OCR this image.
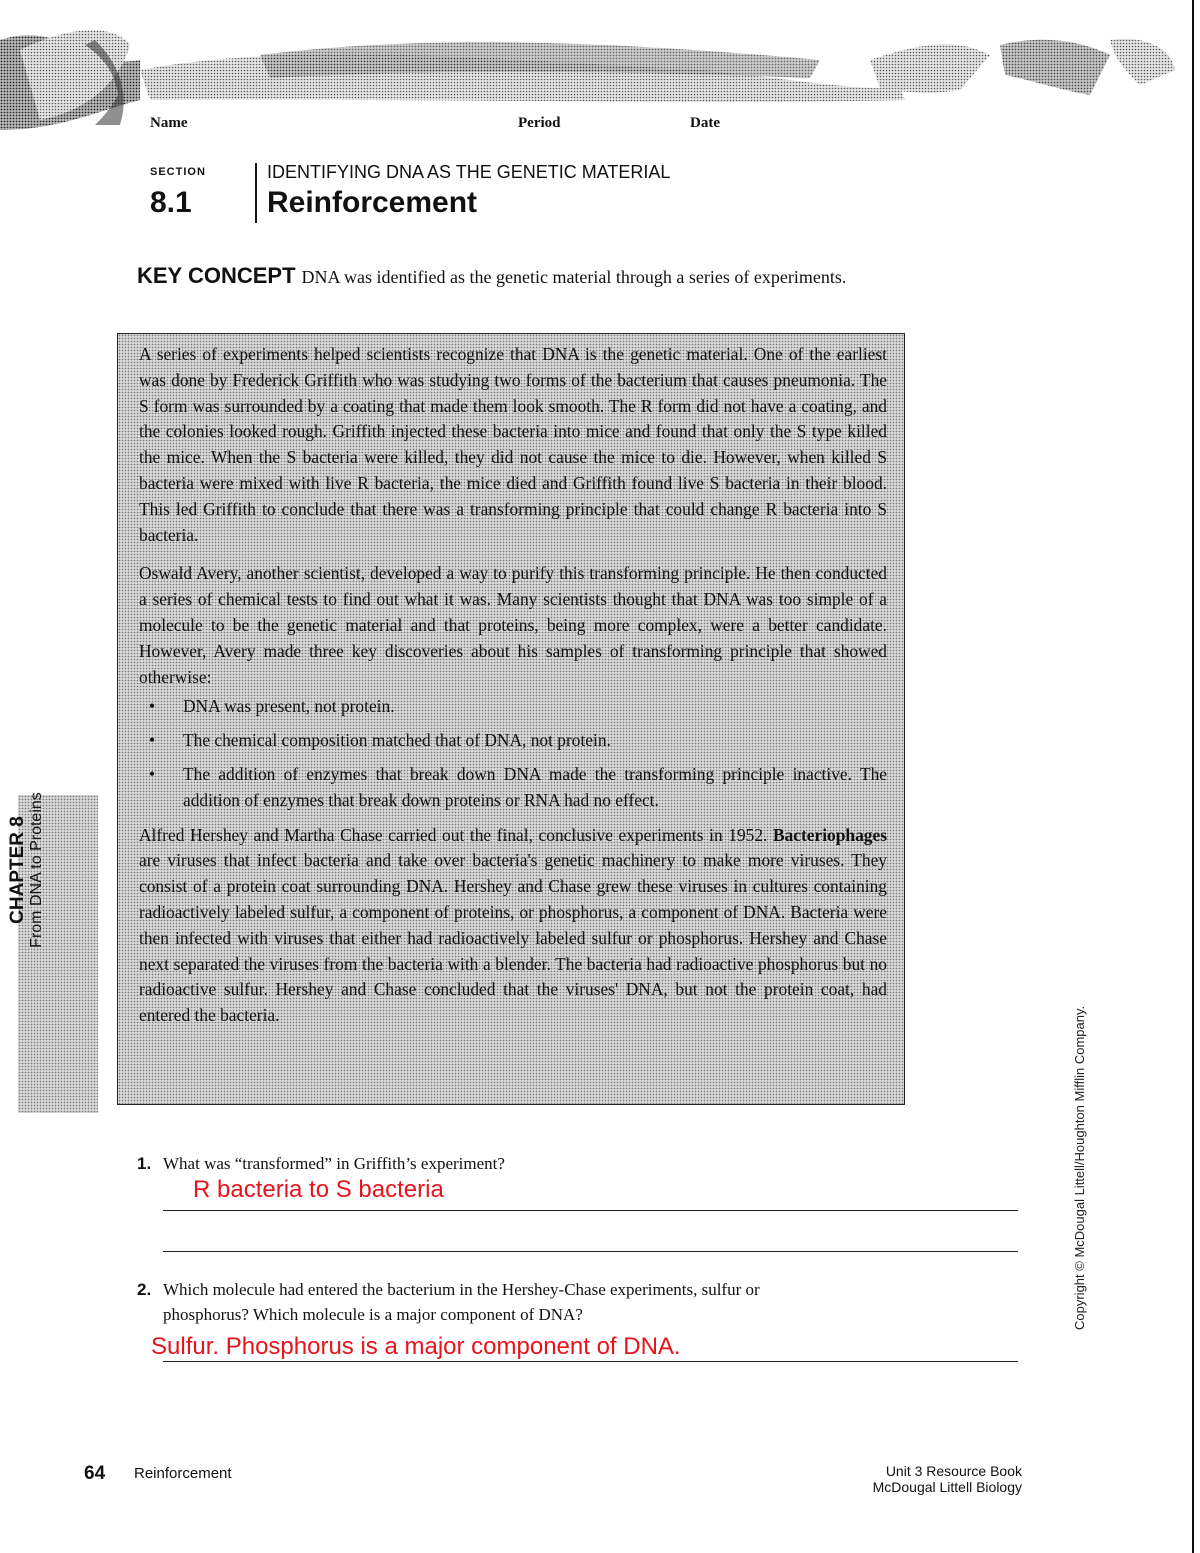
Name	Period	Date
SECTION
8.1
IDENTIFYING DNA AS THE GENETIC MATERIAL
Reinforcement
KEY CONCEPT DNA was identified as the genetic material through a series of experiments.

A series of experiments helped scientists recognize that DNA is the genetic material. One of the earliest was done by Frederick Griffith who was studying two forms of the bacterium that causes pneumonia. The S form was surrounded by a coating that made them look smooth. The R form did not have a coating, and the colonies looked rough. Griffith injected these bacteria into mice and found that only the S type killed the mice. When the S bacteria were killed, they did not cause the mice to die. However, when killed S bacteria were mixed with live R bacteria, the mice died and Griffith found live S bacteria in their blood. This led Griffith to conclude that there was a transforming principle that could change R bacteria into S bacteria.

Oswald Avery, another scientist, developed a way to purify this transforming principle. He then conducted a series of chemical tests to find out what it was. Many scientists thought that DNA was too simple of a molecule to be the genetic material and that proteins, being more complex, were a better candidate. However, Avery made three key discoveries about his samples of transforming principle that showed otherwise:

• DNA was present, not protein.
• The chemical composition matched that of DNA, not protein.
• The addition of enzymes that break down DNA made the transforming principle inactive. The addition of enzymes that break down proteins or RNA had no effect.

Alfred Hershey and Martha Chase carried out the final, conclusive experiments in 1952. Bacteriophages are viruses that infect bacteria and take over bacteria's genetic machinery to make more viruses. They consist of a protein coat surrounding DNA. Hershey and Chase grew these viruses in cultures containing radioactively labeled sulfur, a component of proteins, or phosphorus, a component of DNA. Bacteria were then infected with viruses that either had radioactively labeled sulfur or phosphorus. Hershey and Chase next separated the viruses from the bacteria with a blender. The bacteria had radioactive phosphorus but no radioactive sulfur. Hershey and Chase concluded that the viruses' DNA, but not the protein coat, had entered the bacteria.

CHAPTER 8 From DNA to Proteins
1. What was “transformed” in Griffith’s experiment?
R bacteria to S bacteria
2. Which molecule had entered the bacterium in the Hershey-Chase experiments, sulfur or
phosphorus? Which molecule is a major component of DNA?
Sulfur. Phosphorus is a major component of DNA.
64 Reinforcement	Unit 3 Resource Book
McDougal Littell Biology
Copyright © McDougal Littell/Houghton Mifflin Company.
